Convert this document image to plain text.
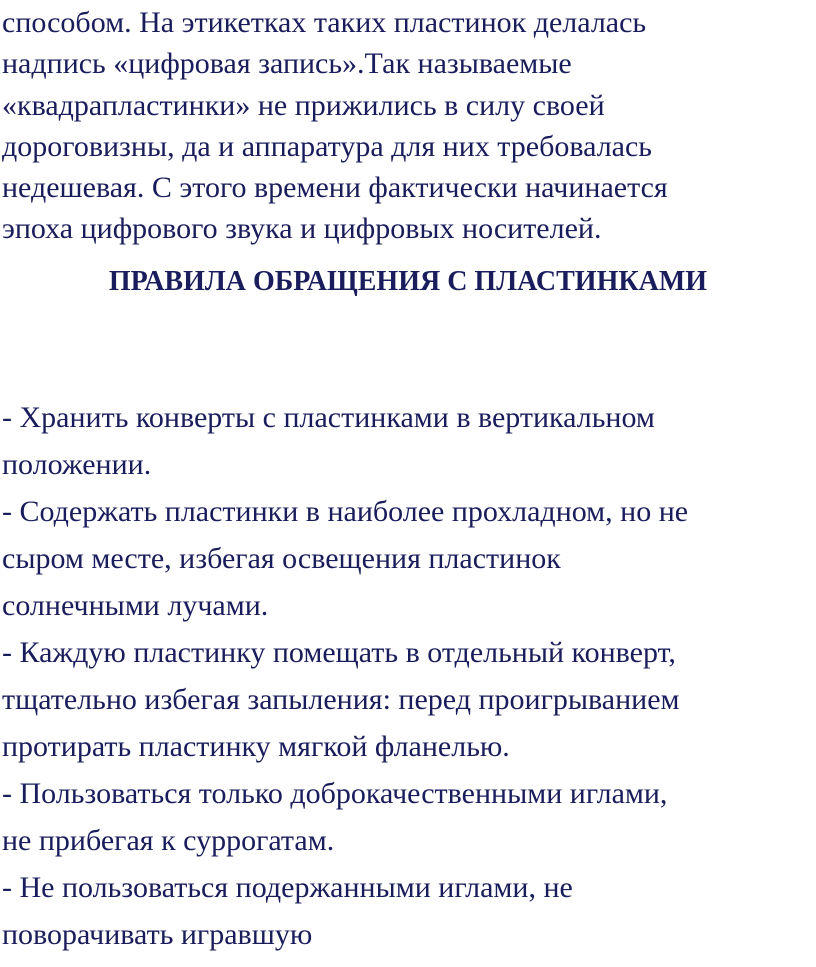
способом. На этикетках таких пластинок делалась
надпись «цифровая запись».Так называемые
«квадрапластинки» не прижились в силу своей
дороговизны, да и аппаратура для них требовалась
недешевая. С этого времени фактически начинается
эпоха цифрового звука и цифровых носителей.

ПРАВИЛА ОБРАЩЕНИЯ С ПЛАСТИНКАМИ

- Хранить конверты с пластинками в вертикальном
положении.
- Содержать пластинки в наиболее прохладном, но не
сыром месте, избегая освещения пластинок
солнечными лучами.
- Каждую пластинку помещать в отдельный конверт,
тщательно избегая запыления: перед проигрыванием
протирать пластинку мягкой фланелью.
- Пользоваться только доброкачественными иглами,
не прибегая к суррогатам.
- Не пользоваться подержанными иглами, не
поворачивать игравшую
